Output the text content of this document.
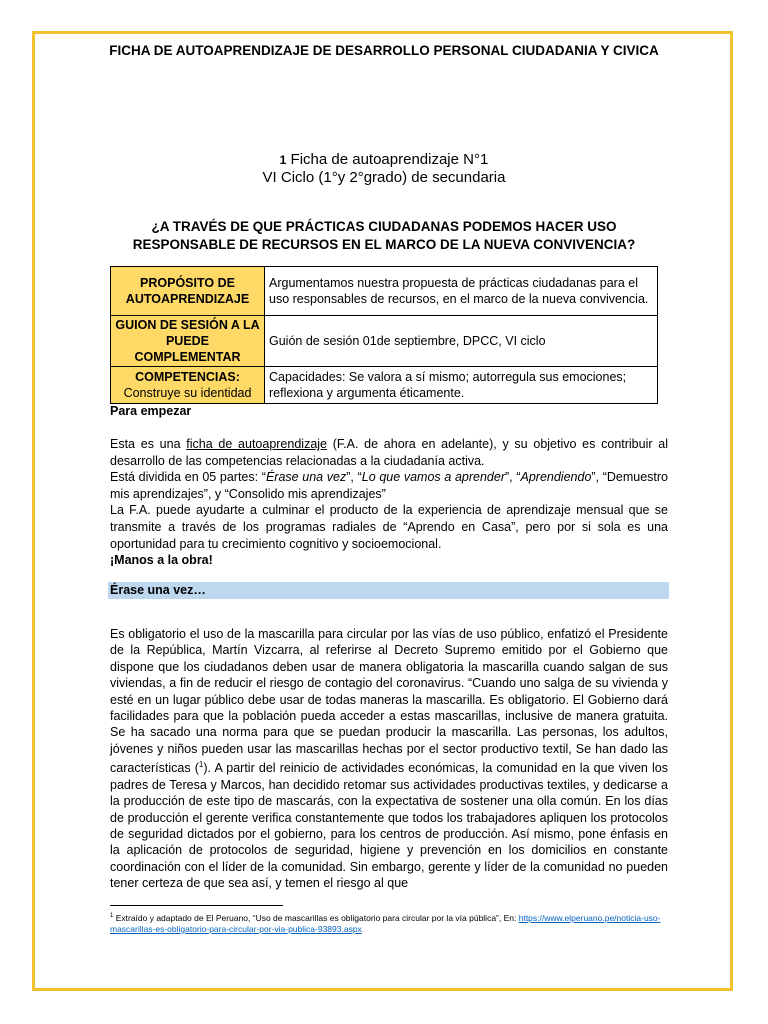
FICHA DE AUTOAPRENDIZAJE DE DESARROLLO PERSONAL CIUDADANIA Y CIVICA
1 Ficha de autoaprendizaje N°1
VI Ciclo (1°y 2°grado) de secundaria
¿A TRAVÉS DE QUE PRÁCTICAS CIUDADANAS PODEMOS HACER USO RESPONSABLE DE RECURSOS EN EL MARCO DE LA NUEVA CONVIVENCIA?
PROPÓSITO DE AUTOAPRENDIZAJE	Argumentamos nuestra propuesta de prácticas ciudadanas para el uso responsables de recursos, en el marco de la nueva convivencia.
GUION DE SESIÓN A LA PUEDE COMPLEMENTAR	Guión de sesión 01de septiembre, DPCC, VI ciclo

COMPETENCIAS:
Construye su identidad	Capacidades: Se valora a sí mismo; autorregula sus emociones; reflexiona y argumenta éticamente.
Para empezar
Esta es una ficha de autoaprendizaje (F.A. de ahora en adelante), y su objetivo es contribuir al desarrollo de las competencias relacionadas a la ciudadanía activa.
Está dividida en 05 partes: “Érase una vez”, “Lo que vamos a aprender”, “Aprendiendo”, “Demuestro mis aprendizajes”, y “Consolido mis aprendizajes”
La F.A. puede ayudarte a culminar el producto de la experiencia de aprendizaje mensual que se transmite a través de los programas radiales de “Aprendo en Casa”, pero por si sola es una oportunidad para tu crecimiento cognitivo y socioemocional.
¡Manos a la obra!
Érase una vez…
Es obligatorio el uso de la mascarilla para circular por las vías de uso público, enfatizó el Presidente de la República, Martín Vizcarra, al referirse al Decreto Supremo emitido por el Gobierno que dispone que los ciudadanos deben usar de manera obligatoria la mascarilla cuando salgan de sus viviendas, a fin de reducir el riesgo de contagio del coronavirus. “Cuando uno salga de su vivienda y esté en un lugar público debe usar de todas maneras la mascarilla. Es obligatorio. El Gobierno dará facilidades para que la población pueda acceder a estas mascarillas, inclusive de manera gratuita. Se ha sacado una norma para que se puedan producir la mascarilla. Las personas, los adultos, jóvenes y niños pueden usar las mascarillas hechas por el sector productivo textil, Se han dado las características ($^1$). A partir del reinicio de actividades económicas, la comunidad en la que viven los padres de Teresa y Marcos, han decidido retomar sus actividades productivas textiles, y dedicarse a la producción de este tipo de mascarás, con la expectativa de sostener una olla común. En los días de producción el gerente verifica constantemente que todos los trabajadores apliquen los protocolos de seguridad dictados por el gobierno, para los centros de producción. Así mismo, pone énfasis en la aplicación de protocolos de seguridad, higiene y prevención en los domicilios en constante coordinación con el líder de la comunidad. Sin embargo, gerente y líder de la comunidad no pueden tener certeza de que sea así, y temen el riesgo al que
$^1$ Extraído y adaptado de El Peruano, “Uso de mascarillas es obligatorio para circular por la vía pública”, En: https://www.elperuano.pe/noticia-uso-mascarillas-es-obligatorio-para-circular-por-via-publica-93893.aspx
